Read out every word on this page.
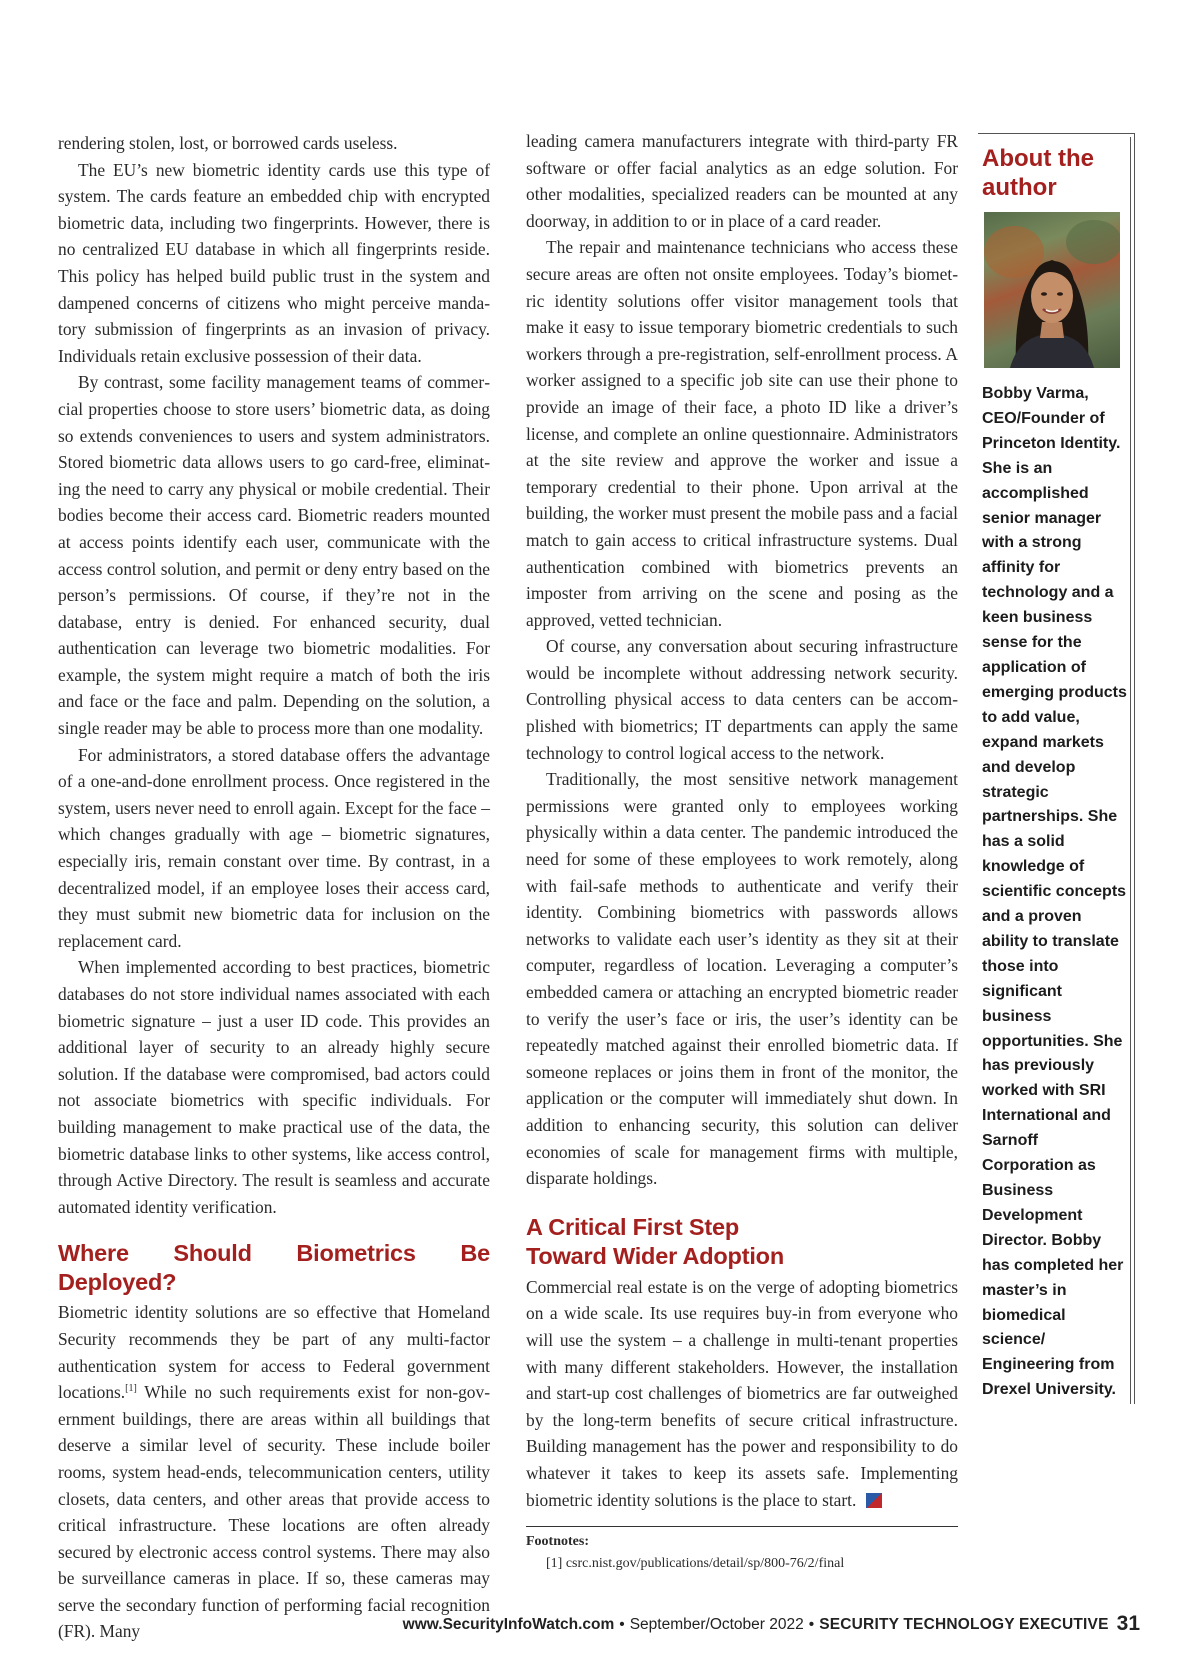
rendering stolen, lost, or borrowed cards useless.

The EU’s new biometric identity cards use this type of system. The cards feature an embedded chip with encrypted biometric data, including two fingerprints. However, there is no centralized EU database in which all fingerprints reside. This policy has helped build public trust in the system and dampened concerns of citizens who might perceive mandatory submission of fingerprints as an invasion of privacy. Individuals retain exclusive possession of their data.

By contrast, some facility management teams of commercial properties choose to store users’ biometric data, as doing so extends conveniences to users and system administrators. Stored biometric data allows users to go card-free, eliminating the need to carry any physical or mobile credential. Their bodies become their access card. Biometric readers mounted at access points identify each user, communicate with the access control solution, and permit or deny entry based on the person’s permissions. Of course, if they’re not in the database, entry is denied. For enhanced security, dual authentication can leverage two biometric modalities. For example, the system might require a match of both the iris and face or the face and palm. Depending on the solution, a single reader may be able to process more than one modality.

For administrators, a stored database offers the advantage of a one-and-done enrollment process. Once registered in the system, users never need to enroll again. Except for the face – which changes gradually with age – biometric signatures, especially iris, remain constant over time. By contrast, in a decentralized model, if an employee loses their access card, they must submit new biometric data for inclusion on the replacement card.

When implemented according to best practices, biometric databases do not store individual names associated with each biometric signature – just a user ID code. This provides an additional layer of security to an already highly secure solution. If the database were compromised, bad actors could not associate biometrics with specific individuals. For building management to make practical use of the data, the biometric database links to other systems, like access control, through Active Directory. The result is seamless and accurate automated identity verification.

Where Should Biometrics Be Deployed?

Biometric identity solutions are so effective that Homeland Security recommends they be part of any multi-factor authentication system for access to Federal government locations.[1] While no such requirements exist for non-government buildings, there are areas within all buildings that deserve a similar level of security. These include boiler rooms, system head-ends, telecommunication centers, utility closets, data centers, and other areas that provide access to critical infrastructure. These locations are often already secured by electronic access control systems. There may also be surveillance cameras in place. If so, these cameras may serve the secondary function of performing facial recognition (FR). Many

leading camera manufacturers integrate with third-party FR software or offer facial analytics as an edge solution. For other modalities, specialized readers can be mounted at any doorway, in addition to or in place of a card reader.

The repair and maintenance technicians who access these secure areas are often not onsite employees. Today’s biometric identity solutions offer visitor management tools that make it easy to issue temporary biometric credentials to such workers through a pre-registration, self-enrollment process. A worker assigned to a specific job site can use their phone to provide an image of their face, a photo ID like a driver’s license, and complete an online questionnaire. Administrators at the site review and approve the worker and issue a temporary credential to their phone. Upon arrival at the building, the worker must present the mobile pass and a facial match to gain access to critical infrastructure systems. Dual authentication combined with biometrics prevents an imposter from arriving on the scene and posing as the approved, vetted technician.

Of course, any conversation about securing infrastructure would be incomplete without addressing network security. Controlling physical access to data centers can be accomplished with biometrics; IT departments can apply the same technology to control logical access to the network.

Traditionally, the most sensitive network management permissions were granted only to employees working physically within a data center. The pandemic introduced the need for some of these employees to work remotely, along with fail-safe methods to authenticate and verify their identity. Combining biometrics with passwords allows networks to validate each user’s identity as they sit at their computer, regardless of location. Leveraging a computer’s embedded camera or attaching an encrypted biometric reader to verify the user’s face or iris, the user’s identity can be repeatedly matched against their enrolled biometric data. If someone replaces or joins them in front of the monitor, the application or the computer will immediately shut down. In addition to enhancing security, this solution can deliver economies of scale for management firms with multiple, disparate holdings.

A Critical First Step
Toward Wider Adoption

Commercial real estate is on the verge of adopting biometrics on a wide scale. Its use requires buy-in from everyone who will use the system – a challenge in multi-tenant properties with many different stakeholders. However, the installation and start-up cost challenges of biometrics are far outweighed by the long-term benefits of secure critical infrastructure. Building management has the power and responsibility to do whatever it takes to keep its assets safe. Implementing biometric identity solutions is the place to start.

Footnotes:

[1] csrc.nist.gov/publications/detail/sp/800-76/2/final

About the
author

Bobby Varma, CEO/Founder of Princeton Identity. She is an accomplished senior manager with a strong affinity for technology and a keen business sense for the application of emerging products to add value, expand markets and develop strategic partnerships. She has a solid knowledge of scientific concepts and a proven ability to translate those into significant business opportunities. She has previously worked with SRI International and Sarnoff Corporation as Business Development Director. Bobby has completed her master’s in biomedical science/ Engineering from Drexel University.

www.SecurityInfoWatch.com • September/October 2022 • SECURITY TECHNOLOGY EXECUTIVE 31
